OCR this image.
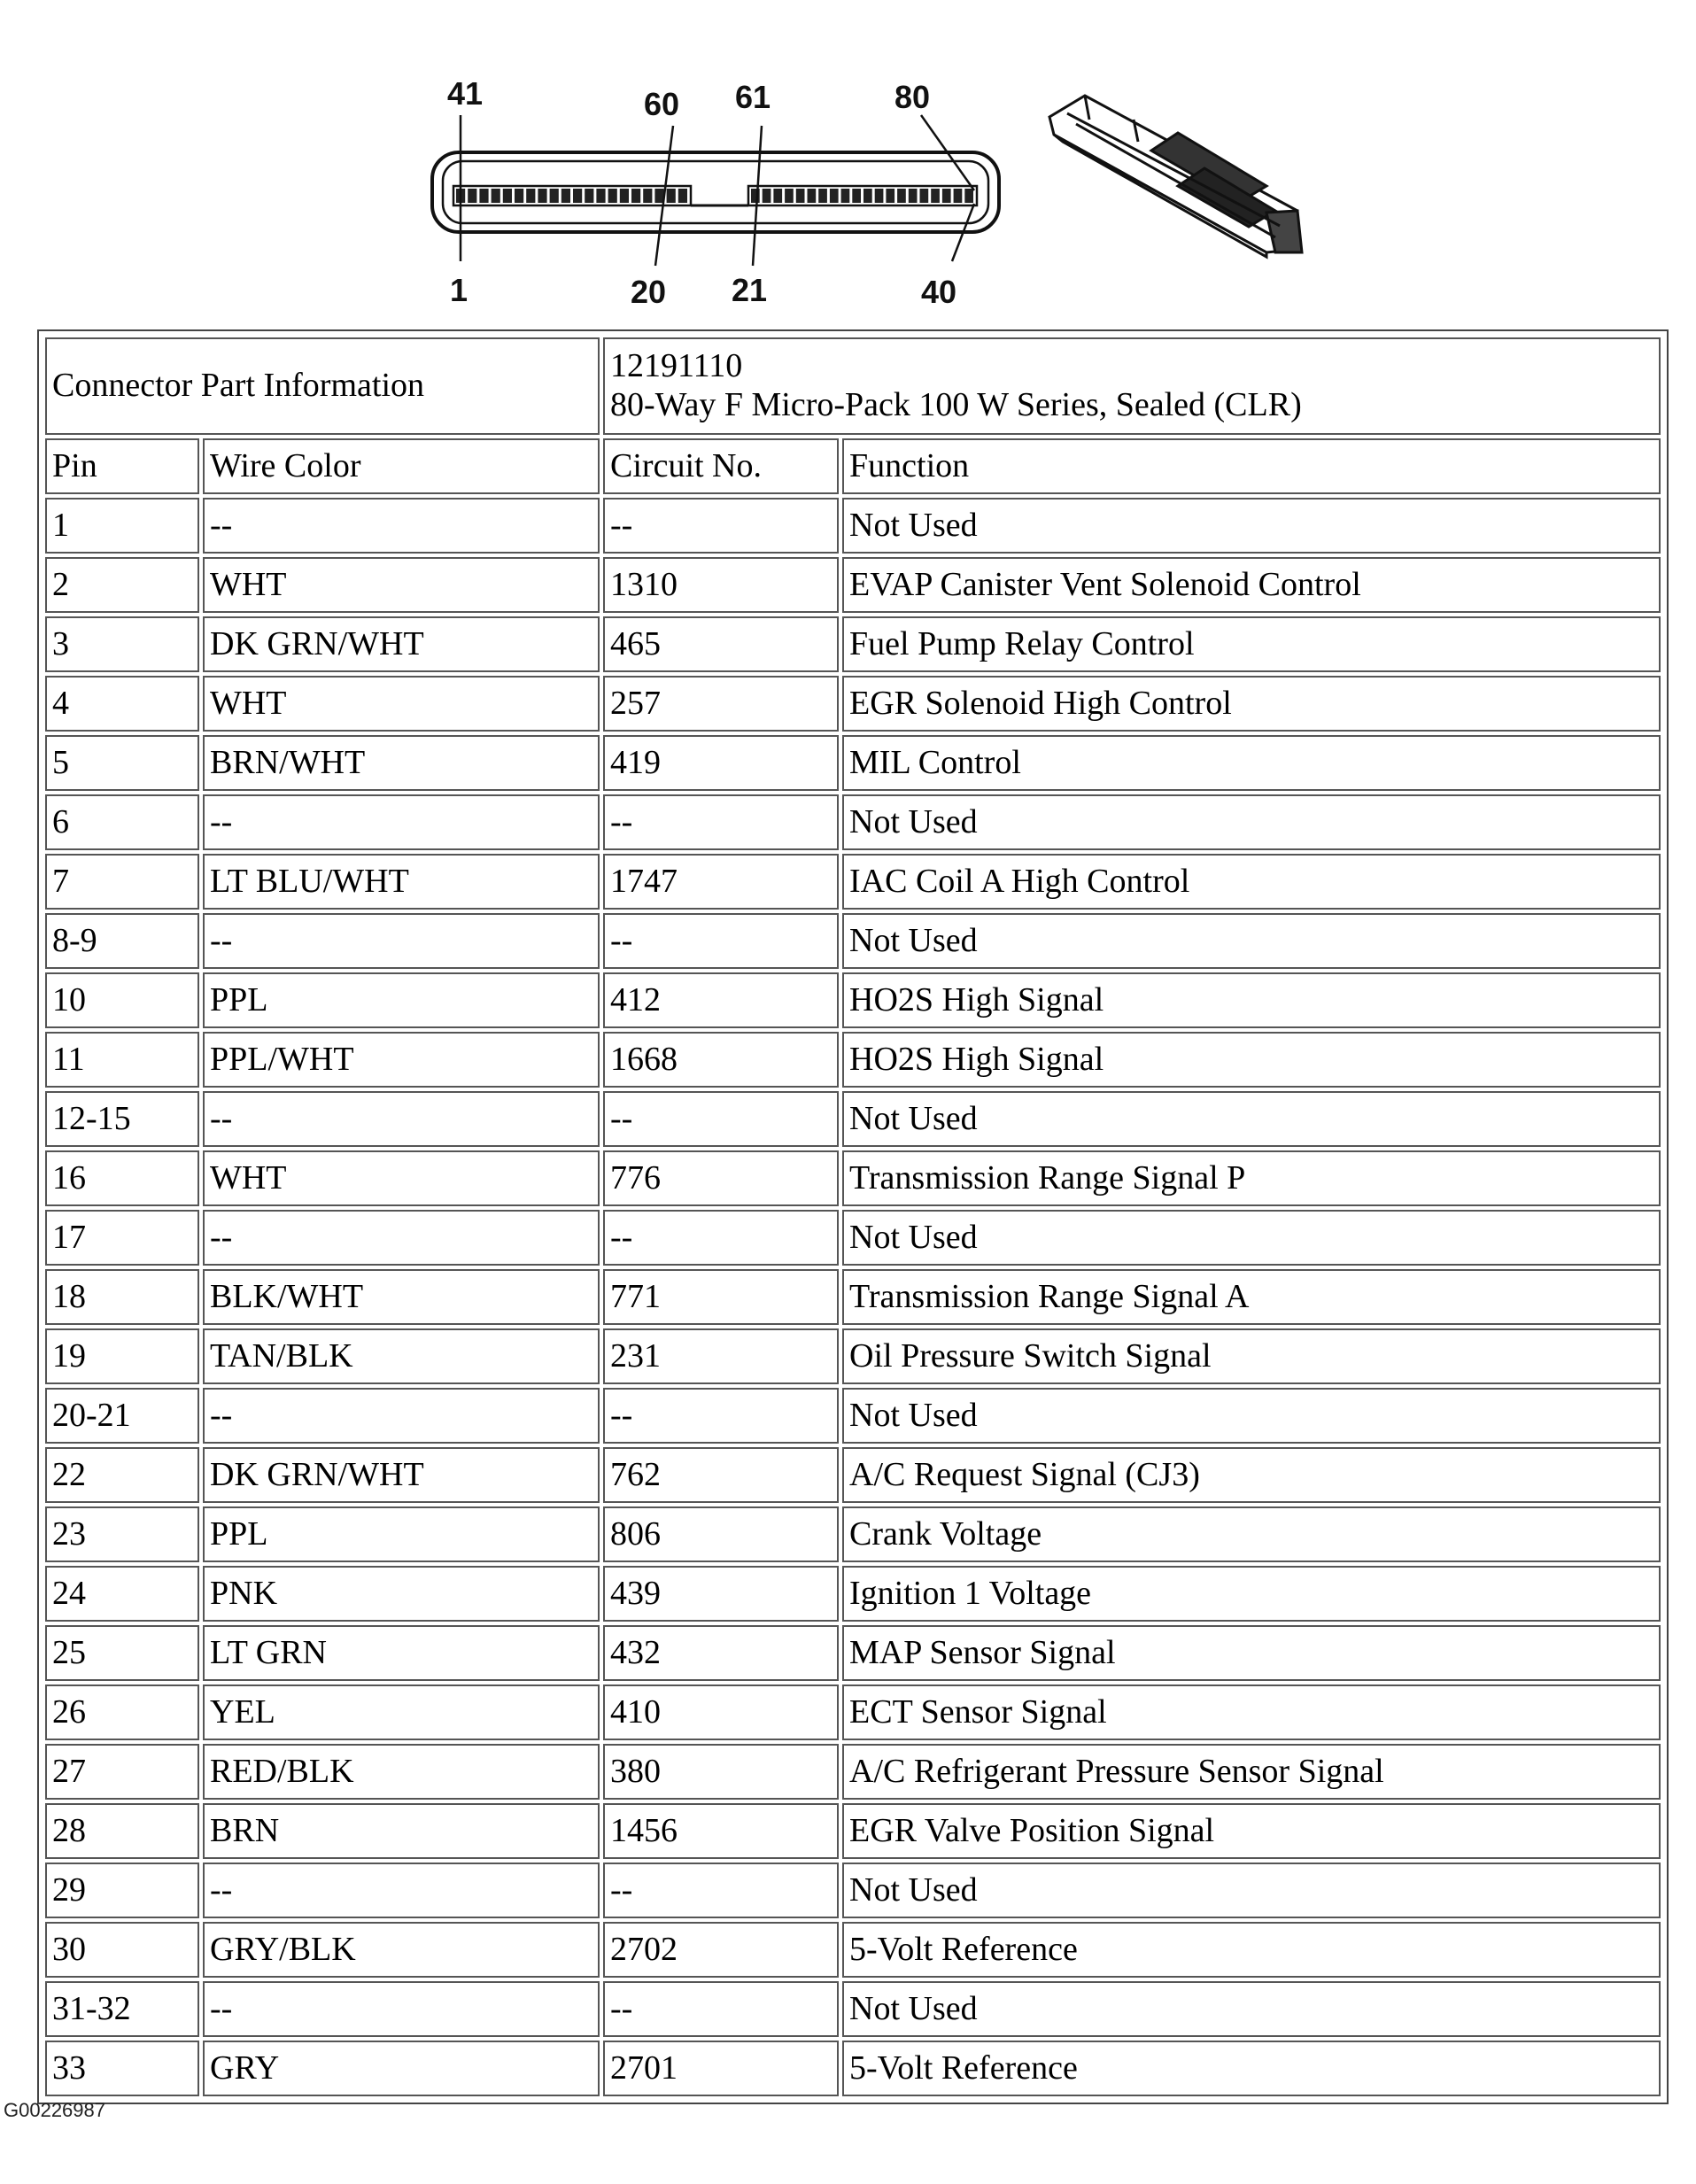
41	60 61	80
1	20 21	40
Connector Part Information		12191110
80-Way F Micro-Pack 100 W Series, Sealed (CLR)	

Pin	Wire Color	Circuit No.	Function
1	--	--	Not Used
2	WHT	1310	EVAP Canister Vent Solenoid Control
3	DK GRN/WHT	465	Fuel Pump Relay Control
4	WHT	257	EGR Solenoid High Control
5	BRN/WHT	419	MIL Control
6	--	--	Not Used
7	LT BLU/WHT	1747	IAC Coil A High Control
8-9	--	--	Not Used
10	PPL	412	HO2S High Signal
11	PPL/WHT	1668	HO2S High Signal
12-15	--	--	Not Used
16	WHT	776	Transmission Range Signal P
17	--	--	Not Used
18	BLK/WHT	771	Transmission Range Signal A
19	TAN/BLK	231	Oil Pressure Switch Signal
20-21	--	--	Not Used
22	DK GRN/WHT	762	A/C Request Signal (CJ3)
23	PPL	806	Crank Voltage
24	PNK	439	Ignition 1 Voltage
25	LT GRN	432	MAP Sensor Signal
26	YEL	410	ECT Sensor Signal
27	RED/BLK	380	A/C Refrigerant Pressure Sensor Signal
28	BRN	1456	EGR Valve Position Signal
29	--	--	Not Used
30	GRY/BLK	2702	5-Volt Reference
31-32	--	--	Not Used
33	GRY	2701	5-Volt Reference
G00226987
